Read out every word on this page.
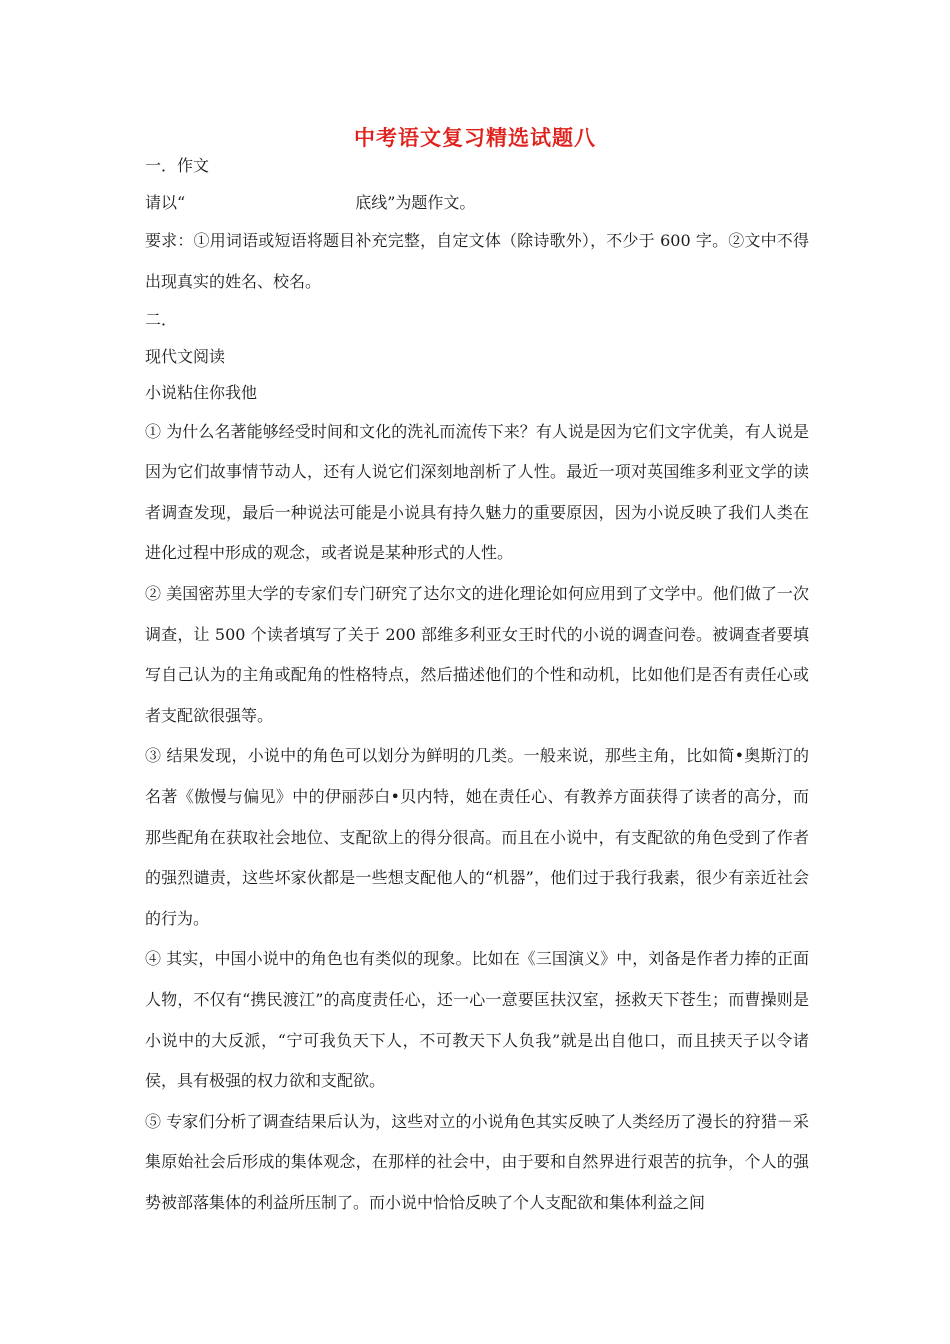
中考语文复习精选试题八
一．作文
请以“	底线”为题作文。
要求：①用词语或短语将题目补充完整，自定文体（除诗歌外），不少于 600 字。②文中不得出现真实的姓名、校名。
二．
现代文阅读
小说粘住你我他
① 为什么名著能够经受时间和文化的洗礼而流传下来？有人说是因为它们文字优美，有人说是因为它们故事情节动人，还有人说它们深刻地剖析了人性。最近一项对英国维多利亚文学的读者调查发现，最后一种说法可能是小说具有持久魅力的重要原因，因为小说反映了我们人类在进化过程中形成的观念，或者说是某种形式的人性。
② 美国密苏里大学的专家们专门研究了达尔文的进化理论如何应用到了文学中。他们做了一次调查，让 500 个读者填写了关于 200 部维多利亚女王时代的小说的调查问卷。被调查者要填写自己认为的主角或配角的性格特点，然后描述他们的个性和动机，比如他们是否有责任心或者支配欲很强等。
③ 结果发现，小说中的角色可以划分为鲜明的几类。一般来说，那些主角，比如简•奥斯汀的名著《傲慢与偏见》中的伊丽莎白•贝内特，她在责任心、有教养方面获得了读者的高分，而那些配角在获取社会地位、支配欲上的得分很高。而且在小说中，有支配欲的角色受到了作者的强烈谴责，这些坏家伙都是一些想支配他人的“机器”，他们过于我行我素，很少有亲近社会的行为。
④ 其实，中国小说中的角色也有类似的现象。比如在《三国演义》中，刘备是作者力捧的正面人物，不仅有“携民渡江”的高度责任心，还一心一意要匡扶汉室，拯救天下苍生；而曹操则是小说中的大反派，“宁可我负天下人，不可教天下人负我”就是出自他口，而且挟天子以令诸侯，具有极强的权力欲和支配欲。
⑤ 专家们分析了调查结果后认为，这些对立的小说角色其实反映了人类经历了漫长的狩猎－采集原始社会后形成的集体观念，在那样的社会中，由于要和自然界进行艰苦的抗争，个人的强势被部落集体的利益所压制了。而小说中恰恰反映了个人支配欲和集体利益之间
